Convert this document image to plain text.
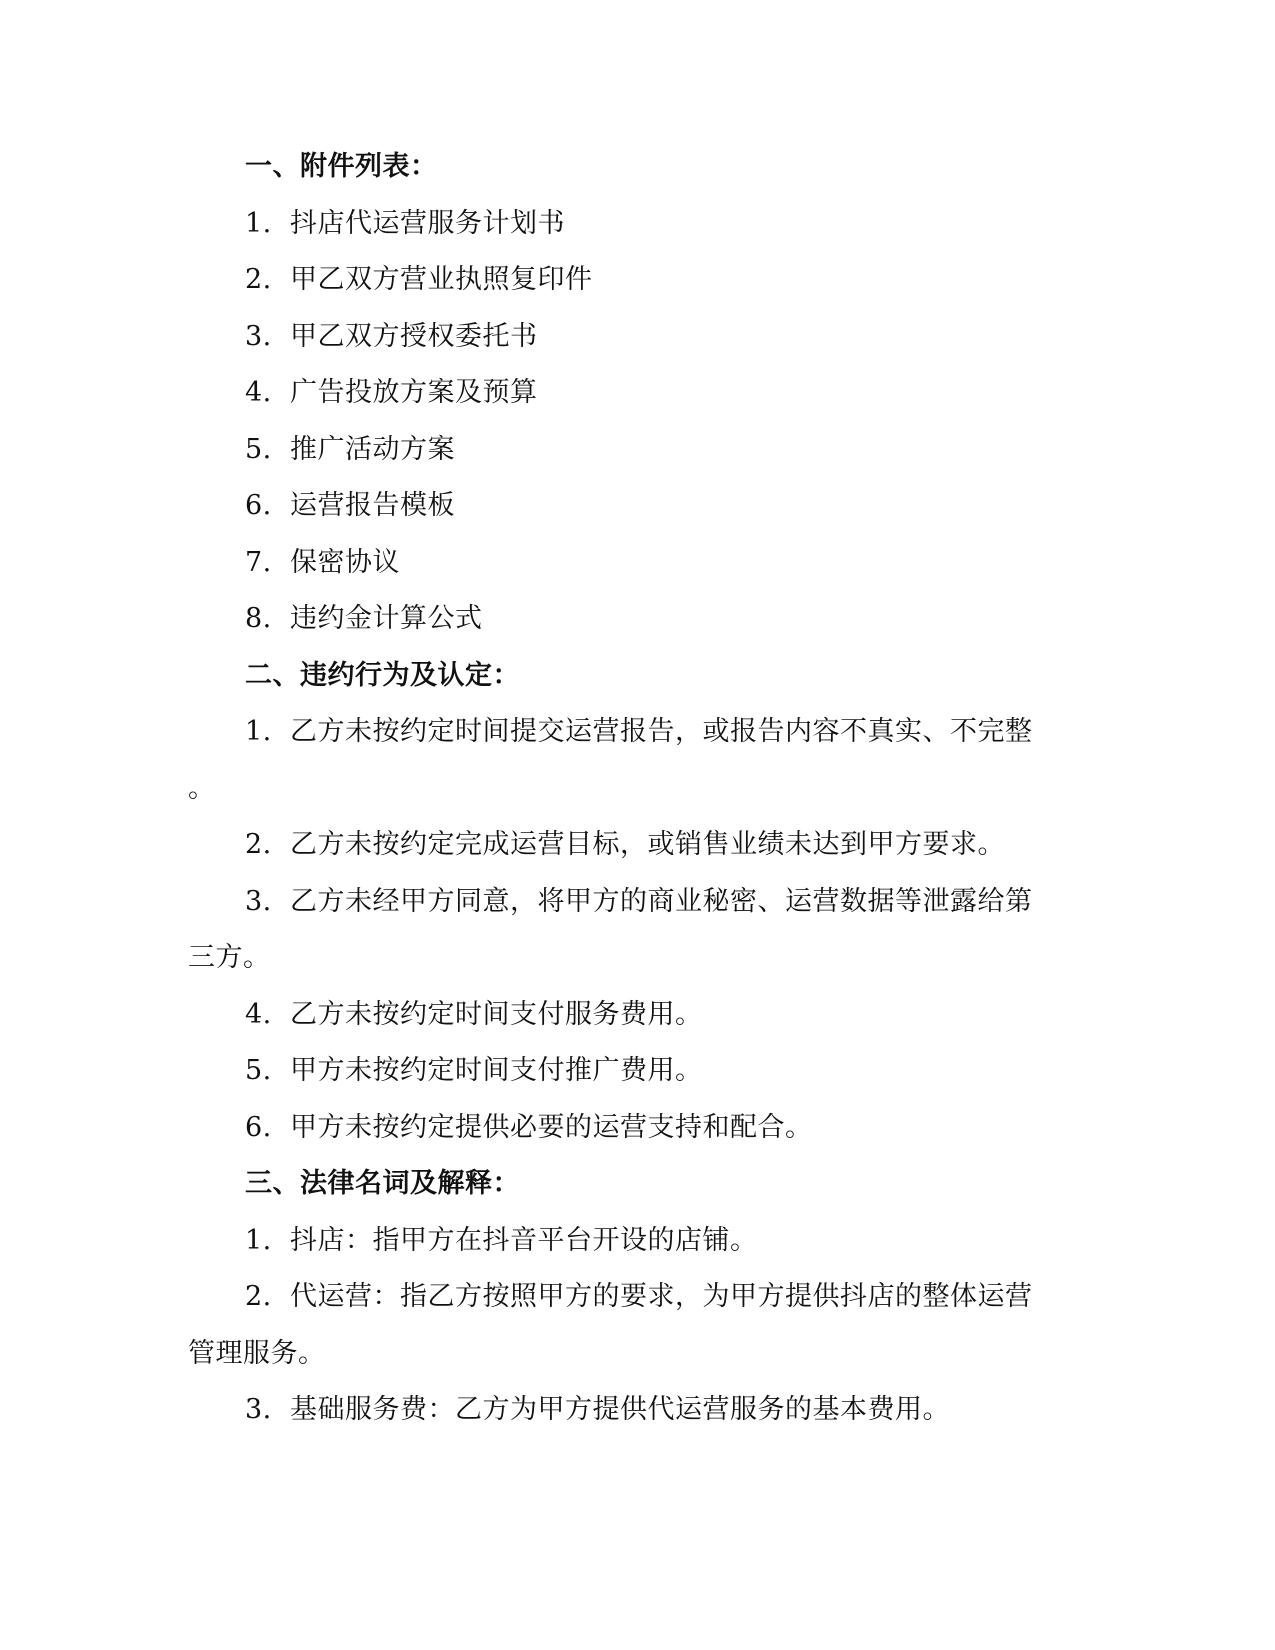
一、附件列表：
1. 抖店代运营服务计划书
2. 甲乙双方营业执照复印件
3. 甲乙双方授权委托书
4. 广告投放方案及预算
5. 推广活动方案
6. 运营报告模板
7. 保密协议
8. 违约金计算公式
二、违约行为及认定：
1. 乙方未按约定时间提交运营报告，或报告内容不真实、不完整
。
2. 乙方未按约定完成运营目标，或销售业绩未达到甲方要求。
3. 乙方未经甲方同意，将甲方的商业秘密、运营数据等泄露给第
三方。
4. 乙方未按约定时间支付服务费用。
5. 甲方未按约定时间支付推广费用。
6. 甲方未按约定提供必要的运营支持和配合。
三、法律名词及解释：
1. 抖店：指甲方在抖音平台开设的店铺。
2. 代运营：指乙方按照甲方的要求，为甲方提供抖店的整体运营
管理服务。
3. 基础服务费：乙方为甲方提供代运营服务的基本费用。
